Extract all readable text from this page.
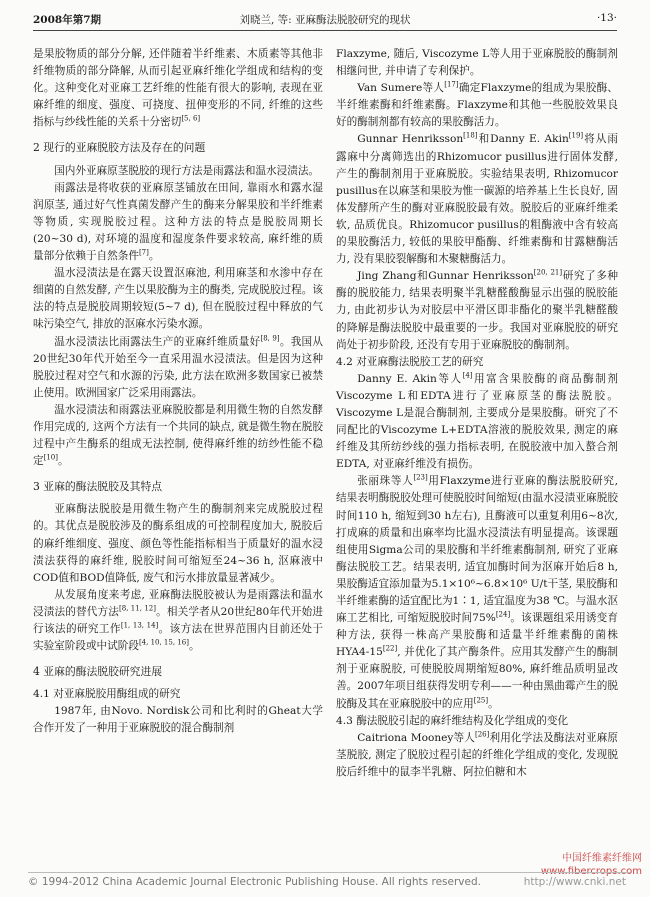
2008年第7期	刘晓兰, 等: 亚麻酶法脱胶研究的现状	·13·

是果胶物质的部分分解, 还伴随着半纤维素、木质素等其他非纤维物质的部分降解, 从而引起亚麻纤维化学组成和结构的变化。这种变化对亚麻工艺纤维的性能有很大的影响, 表现在亚麻纤维的细度、强度、可挠度、扭伸变形的不同, 纤维的这些指标与纱线性能的关系十分密切[5, 6]

2 现行的亚麻脱胶方法及存在的问题

国内外亚麻原茎脱胶的现行方法是雨露法和温水浸渍法。

雨露法是将收获的亚麻原茎铺放在田间, 靠雨水和露水湿润原茎, 通过好气性真菌发酵产生的酶来分解果胶和半纤维素等物质, 实现脱胶过程。这种方法的特点是脱胶周期长(20~30 d), 对环境的温度和湿度条件要求较高, 麻纤维的质量部分依赖于自然条件[7]。

温水浸渍法是在露天设置沤麻池, 利用麻茎和水渗中存在细菌的自然发酵, 产生以果胶酶为主的酶类, 完成脱胶过程。该法的特点是脱胶周期较短(5~7 d), 但在脱胶过程中释放的气味污染空气, 排放的沤麻水污染水源。

温水浸渍法比雨露法生产的亚麻纤维质量好[8, 9]。我国从20世纪30年代开始至今一直采用温水浸渍法。但是因为这种脱胶过程对空气和水源的污染, 此方法在欧洲多数国家已被禁止使用。欧洲国家广泛采用雨露法。

温水浸渍法和雨露法亚麻脱胶都是利用微生物的自然发酵作用完成的, 这两个方法有一个共同的缺点, 就是微生物在脱胶过程中产生酶系的组成无法控制, 使得麻纤维的纺纱性能不稳定[10]。

3 亚麻的酶法脱胶及其特点

亚麻酶法脱胶是用微生物产生的酶制剂来完成脱胶过程的。其优点是脱胶涉及的酶系组成的可控制程度加大, 脱胶后的麻纤维细度、强度、颜色等性能指标相当于质量好的温水浸渍法获得的麻纤维, 脱胶时间可缩短至24~36 h, 沤麻液中COD值和BOD值降低, 废气和污水排放量显著减少。

从发展角度来考虑, 亚麻酶法脱胶被认为是雨露法和温水浸渍法的替代方法[8, 11, 12]。相关学者从20世纪80年代开始进行该法的研究工作[1, 13, 14]。该方法在世界范围内目前还处于实验室阶段或中试阶段[4, 10, 15, 16]。

4 亚麻的酶法脱胶研究进展
4.1 对亚麻脱胶用酶组成的研究

1987年, 由Novo. Nordisk公司和比利时的Gheat大学合作开发了一种用于亚麻脱胶的混合酶制剂

Flaxzyme, 随后, Viscozyme L等人用于亚麻脱胶的酶制剂相继问世, 并申请了专利保护。

Van Sumere等人[17]确定Flaxzyme的组成为果胶酶、半纤维素酶和纤维素酶。Flaxzyme和其他一些脱胶效果良好的酶制剂都有较高的果胶酶活力。

Gunnar Henriksson[18]和Danny E. Akin[19]将从雨露麻中分离筛选出的Rhizomucor pusillus进行固体发酵, 产生的酶制剂用于亚麻脱胶。实验结果表明, Rhizomucor pusillus在以麻茎和果胶为惟一碳源的培养基上生长良好, 固体发酵所产生的酶对亚麻脱胶最有效。脱胶后的亚麻纤维柔软, 品质优良。Rhizomucor pusillus的粗酶液中含有较高的果胶酶活力, 较低的果胶甲酯酶、纤维素酶和甘露糖酶活力, 没有果胶裂解酶和木聚糖酶活力。

Jing Zhang和Gunnar Henriksson[20, 21]研究了多种酶的脱胶能力, 结果表明聚半乳糖醛酸酶显示出强的脱胶能力, 由此初步认为对胶层中平滑区即非酯化的聚半乳糖醛酸的降解是酶法脱胶中最重要的一步。我国对亚麻脱胶的研究尚处于初步阶段, 还没有专用于亚麻脱胶的酶制剂。

4.2 对亚麻酶法脱胶工艺的研究

Danny E. Akin等人[4]用富含果胶酶的商品酶制剂Viscozyme L和EDTA进行了亚麻原茎的酶法脱胶。Viscozyme L是混合酶制剂, 主要成分是果胶酶。研究了不同配比的Viscozyme L+EDTA溶液的脱胶效果, 测定的麻纤维及其所纺纱线的强力指标表明, 在脱胶液中加入螯合剂EDTA, 对亚麻纤维没有损伤。

张丽珠等人[23]用Flaxzyme进行亚麻的酶法脱胶研究, 结果表明酶脱胶处理可使脱胶时间缩短(由温水浸渍亚麻脱胶时间110 h, 缩短到30 h左右), 且酶液可以重复利用6~8次, 打成麻的质量和出麻率均比温水浸渍法有明显提高。该课题组使用Sigma公司的果胶酶和半纤维素酶制剂, 研究了亚麻酶法脱胶工艺。结果表明, 适宜加酶时间为沤麻开始后8 h, 果胶酶适宜添加量为5.1×10⁶~6.8×10⁶ U/t干茎, 果胶酶和半纤维素酶的适宜配比为1∶1, 适宜温度为38 ℃。与温水沤麻工艺相比, 可缩短脱胶时间75%[24]。该课题组采用诱变育种方法, 获得一株高产果胶酶和适量半纤维素酶的菌株HYA4-15[22], 并优化了其产酶条件。应用其发酵产生的酶制剂于亚麻脱胶, 可使脱胶周期缩短80%, 麻纤维品质明显改善。2007年项目组获得发明专利——一种由黑曲霉产生的脱胶酶及其在亚麻脱胶中的应用[25]。

4.3 酶法脱胶引起的麻纤维结构及化学组成的变化

Caitriona Mooney等人[26]利用化学法及酶法对亚麻原茎脱胶, 测定了脱胶过程引起的纤维化学组成的变化, 发现脱胶后纤维中的鼠李半乳糖、阿拉伯糖和木

中国纤维素纤维网
www.fibercrops.com
© 1994-2012 China Academic Journal Electronic Publishing House. All rights reserved.	http://www.cnki.net
